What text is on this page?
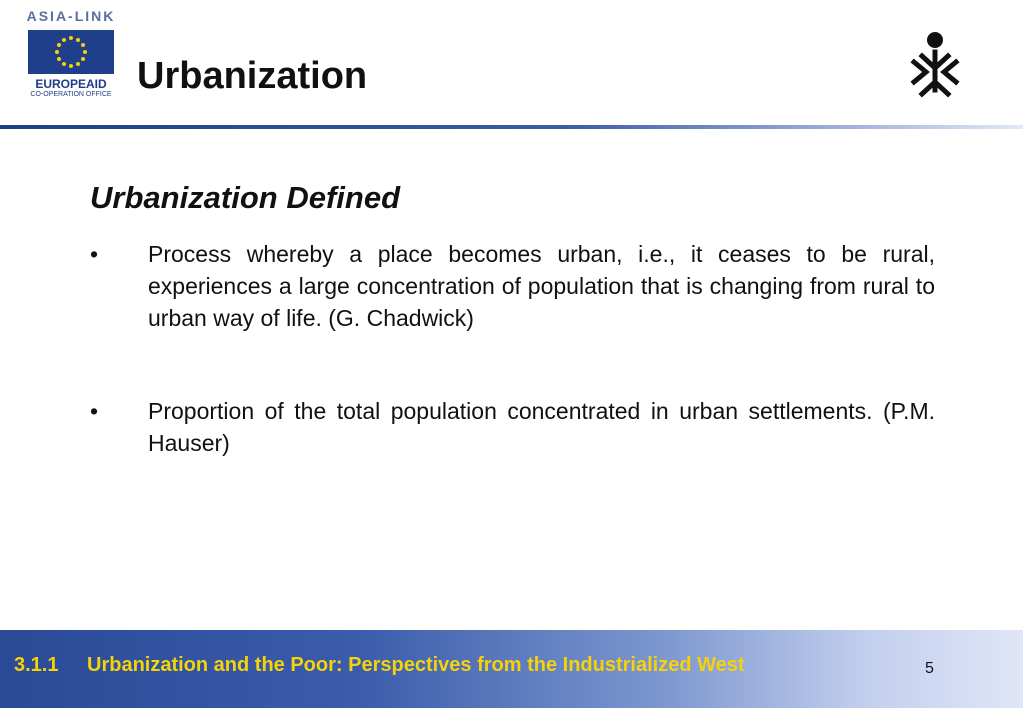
ASIA-LINK
EUROPEAID
CO-OPERATION OFFICE Urbanization
Urbanization Defined
•	Process whereby a place becomes urban, i.e., it ceases to be rural, experiences a large concentration of population that is changing from rural to urban way of life. (G. Chadwick)
•	Proportion of the total population concentrated in urban settlements. (P.M. Hauser)
3.1.1 Urbanization and the Poor: Perspectives from the Industrialized West	5
